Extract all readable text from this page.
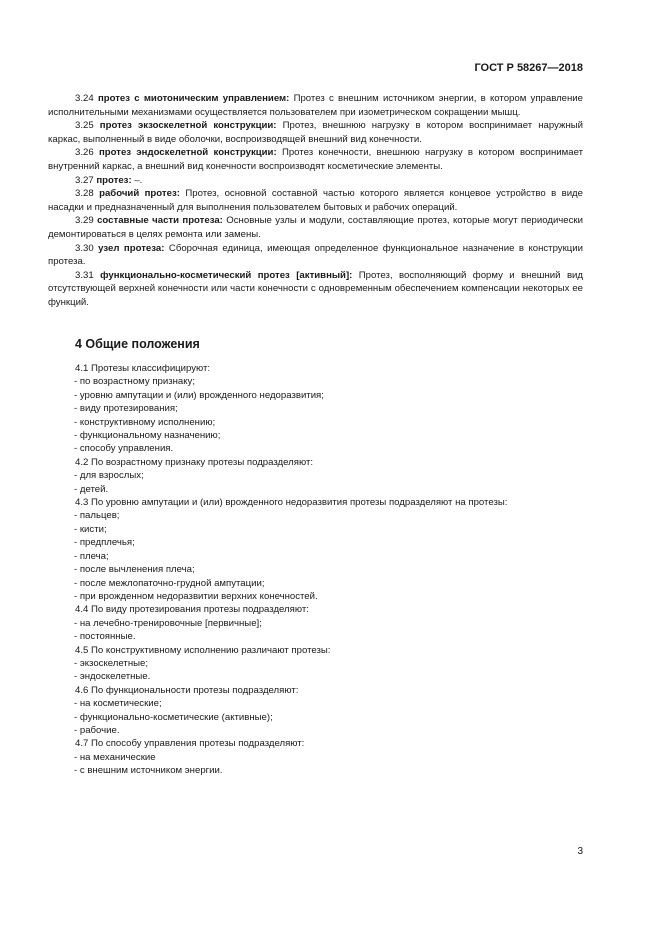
ГОСТ Р 58267—2018

3.24 протез с миотоническим управлением: Протез с внешним источником энергии, в котором управление исполнительными механизмами осуществляется пользователем при изометрическом сокращении мышц.

3.25 протез экзоскелетной конструкции: Протез, внешнюю нагрузку в котором воспринимает наружный каркас, выполненный в виде оболочки, воспроизводящей внешний вид конечности.

3.26 протез эндоскелетной конструкции: Протез конечности, внешнюю нагрузку в котором воспринимает внутренний каркас, а внешний вид конечности воспроизводят косметические элементы.

3.27 протез: –.

3.28 рабочий протез: Протез, основной составной частью которого является концевое устройство в виде насадки и предназначенный для выполнения пользователем бытовых и рабочих операций.

3.29 составные части протеза: Основные узлы и модули, составляющие протез, которые могут периодически демонтироваться в целях ремонта или замены.

3.30 узел протеза: Сборочная единица, имеющая определенное функциональное назначение в конструкции протеза.

3.31 функционально-косметический протез [активный]: Протез, восполняющий форму и внешний вид отсутствующей верхней конечности или части конечности с одновременным обеспечением компенсации некоторых ее функций.

4 Общие положения

4.1 Протезы классифицируют:

- по возрастному признаку;

- уровню ампутации и (или) врожденного недоразвития;

- виду протезирования;

- конструктивному исполнению;

- функциональному назначению;

- способу управления.

4.2 По возрастному признаку протезы подразделяют:

- для взрослых;

- детей.

4.3 По уровню ампутации и (или) врожденного недоразвития протезы подразделяют на протезы:

- пальцев;

- кисти;

- предплечья;

- плеча;

- после вычленения плеча;

- после межлопаточно-грудной ампутации;

- при врожденном недоразвитии верхних конечностей.

4.4 По виду протезирования протезы подразделяют:

- на лечебно-тренировочные [первичные];

- постоянные.

4.5 По конструктивному исполнению различают протезы:

- экзоскелетные;

- эндоскелетные.

4.6 По функциональности протезы подразделяют:

- на косметические;

- функционально-косметические (активные);

- рабочие.

4.7 По способу управления протезы подразделяют:

- на механические

- с внешним источником энергии.

3
